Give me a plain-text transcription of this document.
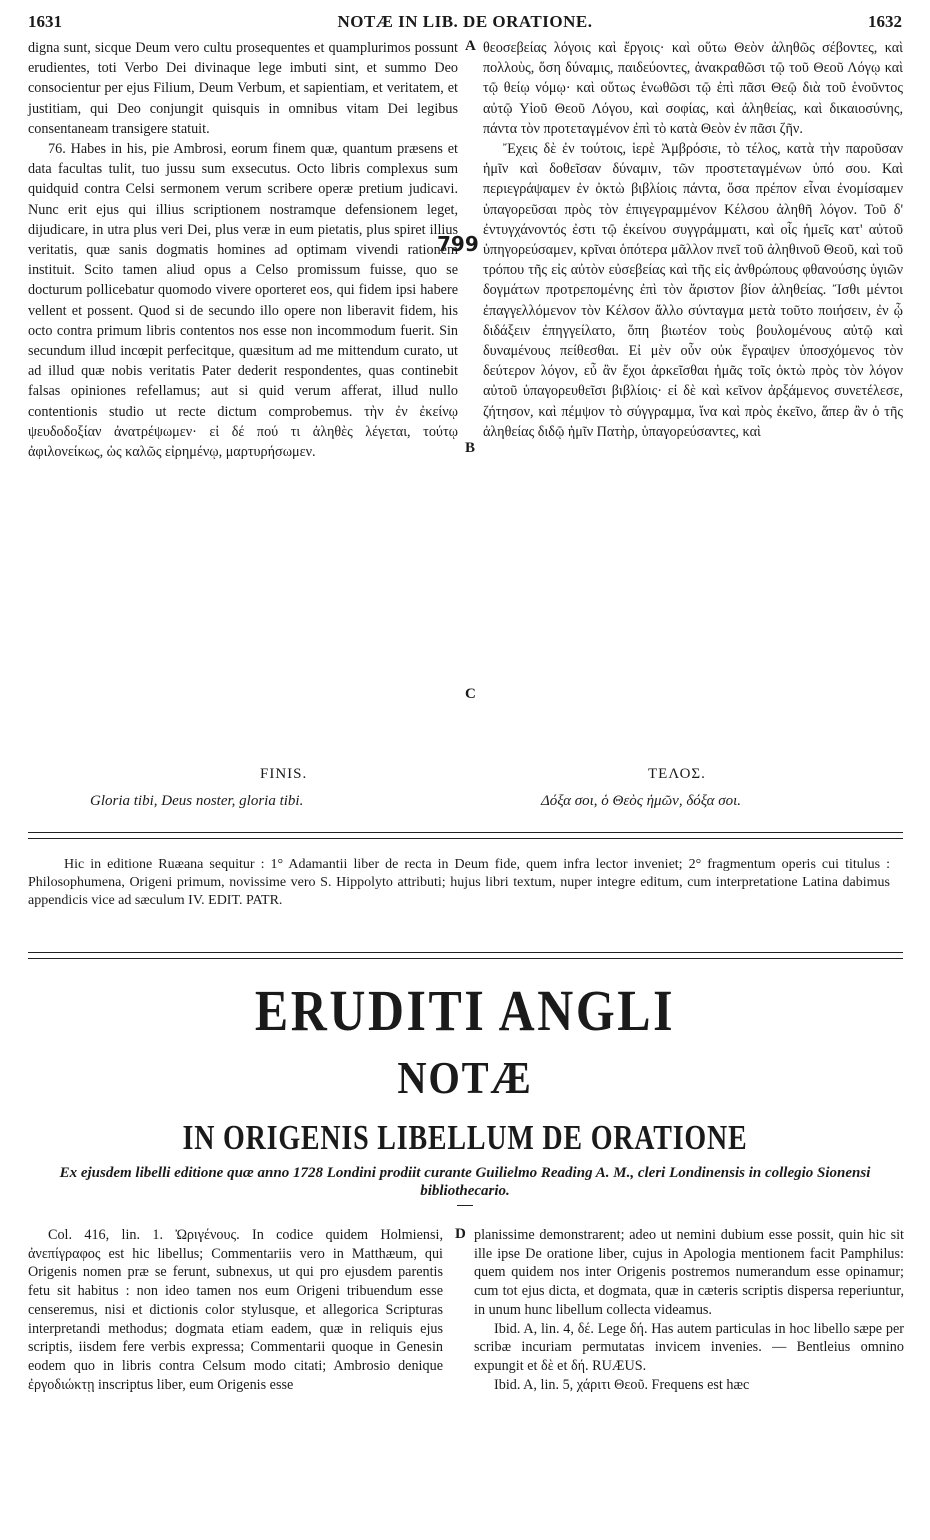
1631	NOTÆ IN LIB. DE ORATIONE.	1632

digna sunt, sicque Deum vero cultu prosequentes et quamplurimos possunt erudientes, toti Verbo Dei divinaque lege imbuti sint, et summo Deo consocientur per ejus Filium, Deum Verbum, et sapientiam, et veritatem, et justitiam, qui Deo conjungit quisquis in omnibus vitam Dei legibus consentaneam transigere statuit.

76. Habes in his, pie Ambrosi, eorum finem quæ, quantum præsens et data facultas tulit, tuo jussu sum exsecutus. Octo libris complexus sum quidquid contra Celsi sermonem verum scribere operæ pretium judicavi. Nunc erit ejus qui illius scriptionem nostramque defensionem leget, dijudicare, in utra plus veri Dei, plus veræ in eum pietatis, plus spiret illius veritatis, quæ sanis dogmatis homines ad optimam vivendi rationem instituit. Scito tamen aliud opus a Celso promissum fuisse, quo se docturum pollicebatur quomodo vivere oporteret eos, qui fidem ipsi habere vellent et possent. Quod si de secundo illo opere non liberavit fidem, his octo contra primum libris contentos nos esse non incommodum fuerit. Sin secundum illud incœpit perfecitque, quæsitum ad me mittendum curato, ut ad illud quæ nobis veritatis Pater dederit respondentes, quas continebit falsas opiniones refellamus; aut si quid verum afferat, illud nullo contentionis studio ut recte dictum comprobemus. τὴν ἐν ἐκείνῳ ψευδοδοξίαν ἀνατρέψωμεν· εἰ δέ πού τι ἀληθὲς λέγεται, τούτῳ ἀφιλονείκως, ὡς καλῶς εἰρημένῳ, μαρτυρήσωμεν.

θεοσεβείας λόγοις καὶ ἔργοις· καὶ οὕτω Θεὸν ἀληθῶς σέβοντες, καὶ πολλοὺς, ὅση δύναμις, παιδεύοντες, ἀνακραθῶσι τῷ τοῦ Θεοῦ Λόγῳ καὶ τῷ θείῳ νόμῳ· καὶ οὕτως ἑνωθῶσι τῷ ἐπὶ πᾶσι Θεῷ διὰ τοῦ ἑνοῦντος αὐτῷ Υἱοῦ Θεοῦ Λόγου, καὶ σοφίας, καὶ ἀληθείας, καὶ δικαιοσύνης, πάντα τὸν προτεταγμένον ἐπὶ τὸ κατὰ Θεὸν ἐν πᾶσι ζῆν.

Ἔχεις δὲ ἐν τούτοις, ἱερὲ Ἀμβρόσιε, τὸ τέλος, κατὰ τὴν παροῦσαν ἡμῖν καὶ δοθεῖσαν δύναμιν, τῶν προστεταγμένων ὑπό σου. Καὶ περιεγράψαμεν ἐν ὀκτὼ βιβλίοις πάντα, ὅσα πρέπον εἶναι ἐνομίσαμεν ὑπαγορεῦσαι πρὸς τὸν ἐπιγεγραμμένον Κέλσου ἀληθῆ λόγον. Τοῦ δ' ἐντυγχάνοντός ἐστι τῷ ἐκείνου συγγράμματι, καὶ οἷς ἡμεῖς κατ' αὐτοῦ ὑπηγορεύσαμεν, κρῖναι ὁπότερα μᾶλλον πνεῖ τοῦ ἀληθινοῦ Θεοῦ, καὶ τοῦ τρόπου τῆς εἰς αὐτὸν εὐσεβείας καὶ τῆς εἰς ἀνθρώπους φθανούσης ὑγιῶν δογμάτων προτρεπομένης ἐπὶ τὸν ἄριστον βίον ἀληθείας. Ἴσθι μέντοι ἐπαγγελλόμενον τὸν Κέλσον ἄλλο σύνταγμα μετὰ τοῦτο ποιήσειν, ἐν ᾧ διδάξειν ἐπηγγείλατο, ὅπη βιωτέον τοὺς βουλομένους αὐτῷ καὶ δυναμένους πείθεσθαι. Εἰ μὲν οὖν οὐκ ἔγραψεν ὑποσχόμενος τὸν δεύτερον λόγον, εὖ ἂν ἔχοι ἀρκεῖσθαι ἡμᾶς τοῖς ὀκτὼ πρὸς τὸν λόγον αὐτοῦ ὑπαγορευθεῖσι βιβλίοις· εἰ δὲ καὶ κεῖνον ἀρξάμενος συνετέλεσε, ζήτησον, καὶ πέμψον τὸ σύγγραμμα, ἵνα καὶ πρὸς ἐκεῖνο, ἅπερ ἂν ὁ τῆς ἀληθείας διδῷ ἡμῖν Πατὴρ, ὑπαγορεύσαντες, καὶ

A
799
B
C
FINIS.	ΤΕΛΟΣ.
Gloria tibi, Deus noster, gloria tibi.	Δόξα σοι, ὁ Θεὸς ἡμῶν, δόξα σοι.

Hic in editione Ruæana sequitur : 1° Adamantii liber de recta in Deum fide, quem infra lector inveniet; 2° fragmentum operis cui titulus : Philosophumena, Origeni primum, novissime vero S. Hippolyto attributi; hujus libri textum, nuper integre editum, cum interpretatione Latina dabimus appendicis vice ad sæculum IV. EDIT. PATR.

ERUDITI ANGLI
NOTÆ
IN ORIGENIS LIBELLUM DE ORATIONE
Ex ejusdem libelli editione quæ anno 1728 Londini prodiit curante Guilielmo Reading A. M., cleri Londinensis in collegio Sionensi bibliothecario.

Col. 416, lin. 1. Ὠριγένους. In codice quidem Holmiensi, ἀνεπίγραφος est hic libellus; Commentariis vero in Matthæum, qui Origenis nomen præ se ferunt, subnexus, ut qui pro ejusdem parentis fetu sit habitus : non ideo tamen nos eum Origeni tribuendum esse censeremus, nisi et dictionis color stylusque, et allegorica Scripturas interpretandi methodus; dogmata etiam eadem, quæ in reliquis ejus scriptis, iisdem fere verbis expressa; Commentarii quoque in Genesin eodem quo in libris contra Celsum modo citati; Ambrosio denique ἐργοδιώκτῃ inscriptus liber, eum Origenis esse

D planissime demonstrarent; adeo ut nemini dubium esse possit, quin hic sit ille ipse De oratione liber, cujus in Apologia mentionem facit Pamphilus: quem quidem nos inter Origenis postremos numerandum esse opinamur; cum tot ejus dicta, et dogmata, quæ in cæteris scriptis dispersa reperiuntur, in unum hunc libellum collecta videamus.

Ibid. A, lin. 4, δέ. Lege δή. Has autem particulas in hoc libello sæpe per scribæ incuriam permutatas invicem invenies. — Bentleius omnino expungit et δὲ et δή. RUÆUS.

Ibid. A, lin. 5, χάριτι Θεοῦ. Frequens est hæc
